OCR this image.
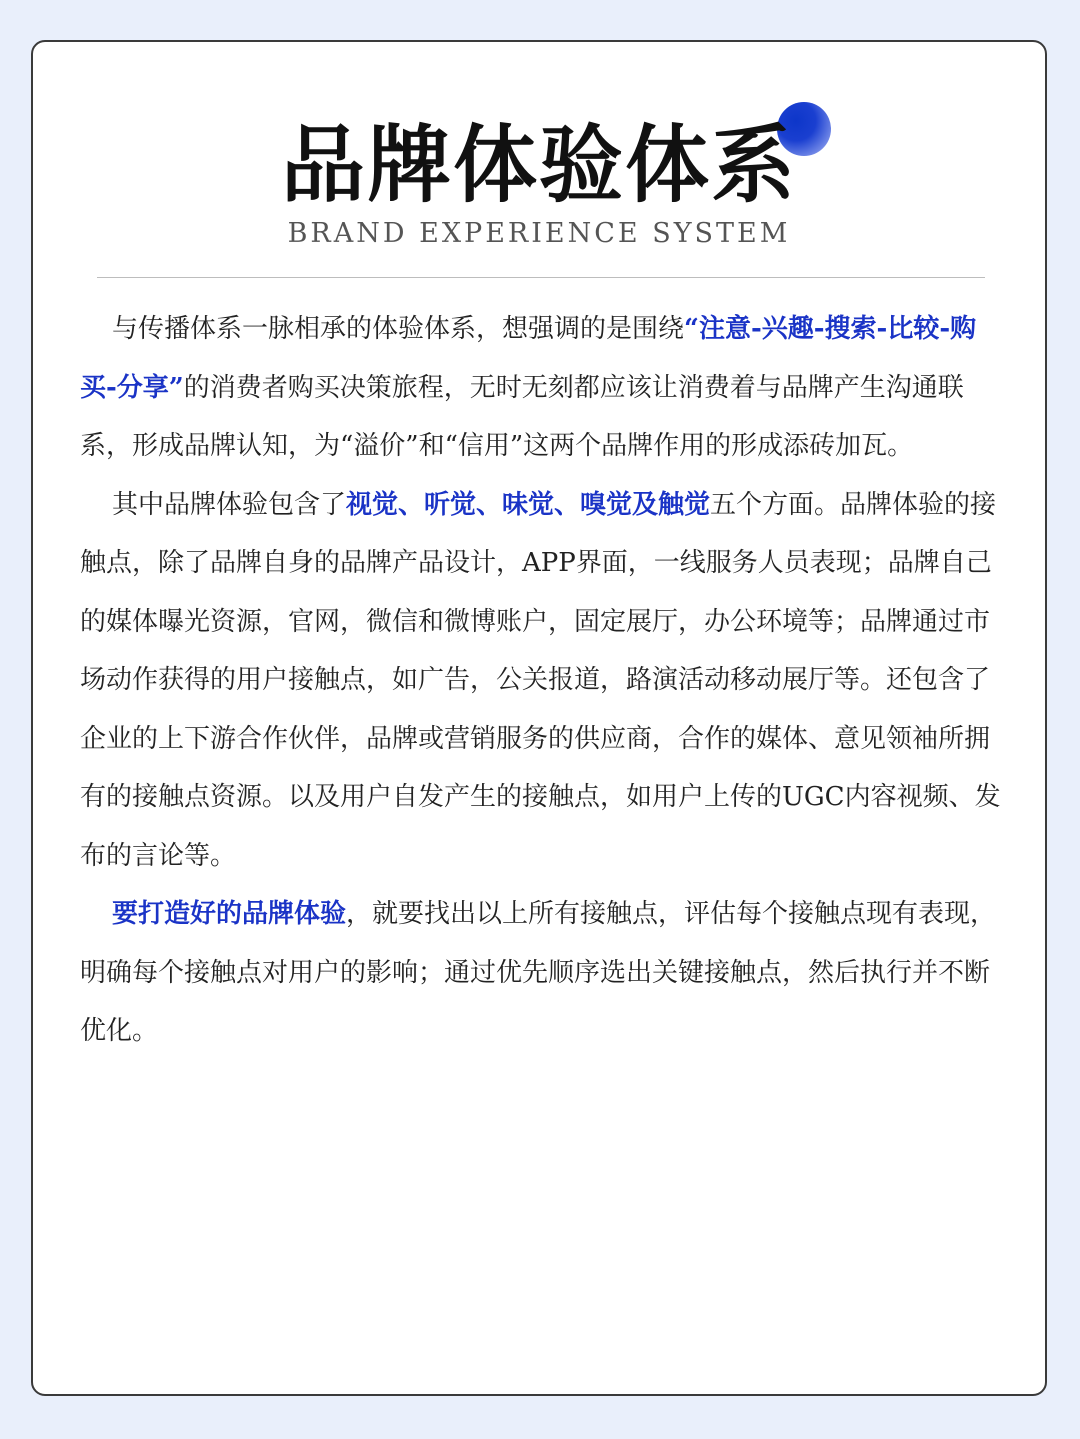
品牌体验体系
BRAND EXPERIENCE SYSTEM

与传播体系一脉相承的体验体系，想强调的是围绕“注意-兴趣-搜索-比较-购买-分享”的消费者购买决策旅程，无时无刻都应该让消费着与品牌产生沟通联系，形成品牌认知，为“溢价”和“信用”这两个品牌作用的形成添砖加瓦。

其中品牌体验包含了视觉、听觉、味觉、嗅觉及触觉五个方面。品牌体验的接触点，除了品牌自身的品牌产品设计，APP界面，一线服务人员表现；品牌自己的媒体曝光资源，官网，微信和微博账户，固定展厅，办公环境等；品牌通过市场动作获得的用户接触点，如广告，公关报道，路演活动移动展厅等。还包含了企业的上下游合作伙伴，品牌或营销服务的供应商，合作的媒体、意见领袖所拥有的接触点资源。以及用户自发产生的接触点，如用户上传的UGC内容视频、发布的言论等。

要打造好的品牌体验，就要找出以上所有接触点，评估每个接触点现有表现，明确每个接触点对用户的影响；通过优先顺序选出关键接触点，然后执行并不断优化。
